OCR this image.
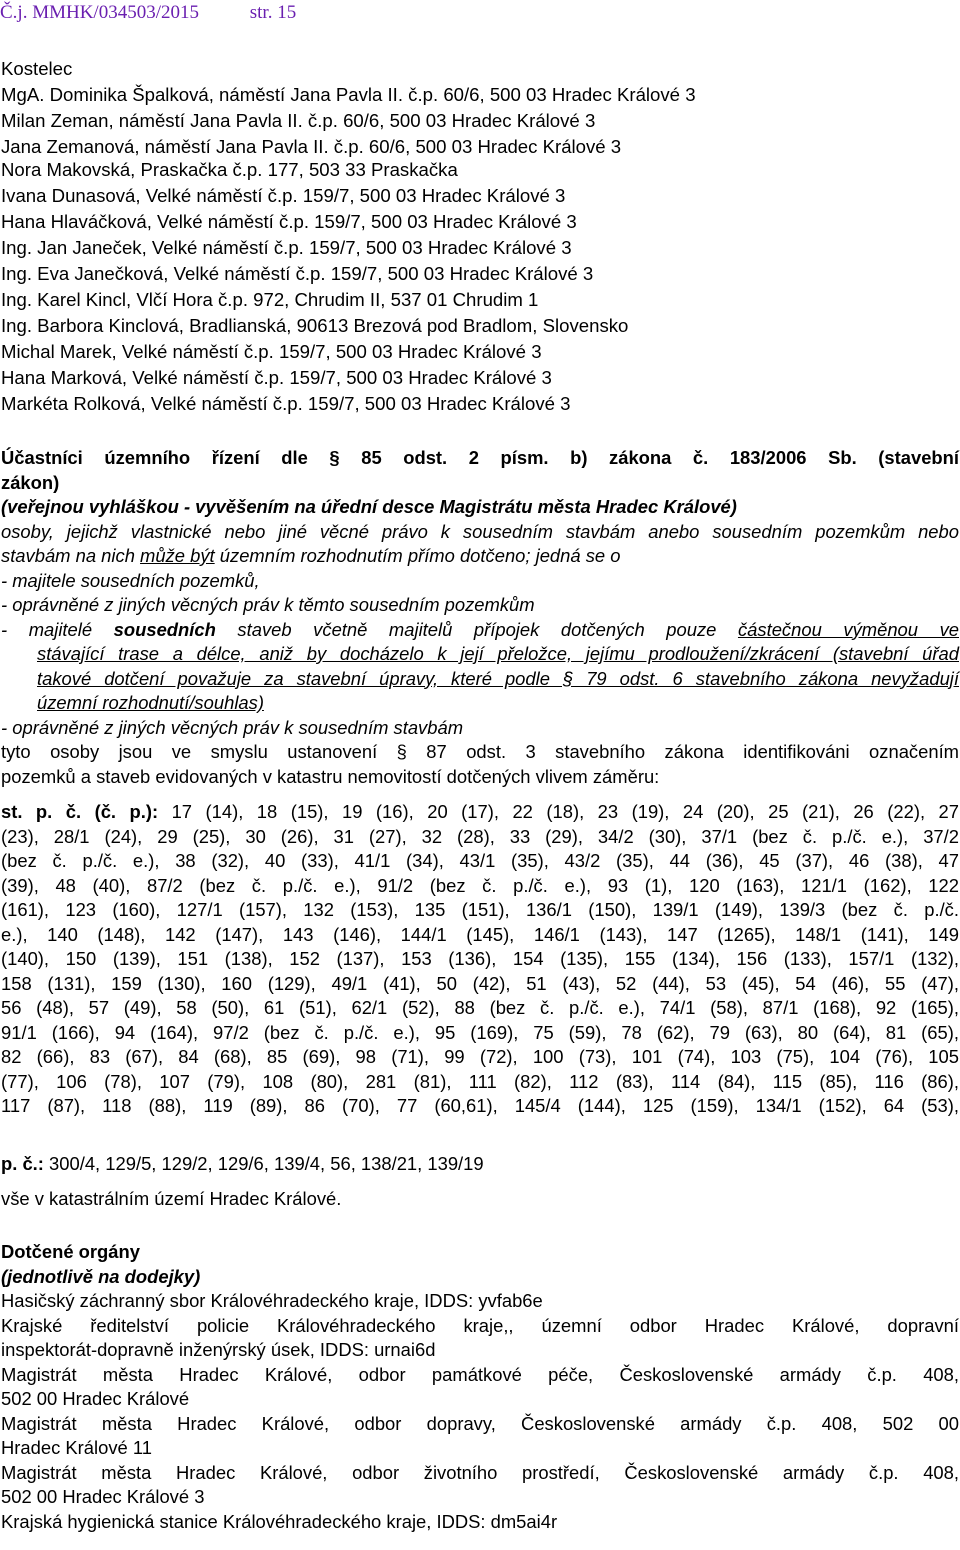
Č.j. MMHK/034503/2015	str. 15
Kostelec
MgA. Dominika Špalková, náměstí Jana Pavla II. č.p. 60/6, 500 03 Hradec Králové 3
Milan Zeman, náměstí Jana Pavla II. č.p. 60/6, 500 03 Hradec Králové 3
Jana Zemanová, náměstí Jana Pavla II. č.p. 60/6, 500 03 Hradec Králové 3
Nora Makovská, Praskačka č.p. 177, 503 33 Praskačka
Ivana Dunasová, Velké náměstí č.p. 159/7, 500 03 Hradec Králové 3
Hana Hlaváčková, Velké náměstí č.p. 159/7, 500 03 Hradec Králové 3
Ing. Jan Janeček, Velké náměstí č.p. 159/7, 500 03 Hradec Králové 3
Ing. Eva Janečková, Velké náměstí č.p. 159/7, 500 03 Hradec Králové 3
Ing. Karel Kincl, Vlčí Hora č.p. 972, Chrudim II, 537 01 Chrudim 1
Ing. Barbora Kinclová, Bradlianská, 90613 Brezová pod Bradlom, Slovensko
Michal Marek, Velké náměstí č.p. 159/7, 500 03 Hradec Králové 3
Hana Marková, Velké náměstí č.p. 159/7, 500 03 Hradec Králové 3
Markéta Rolková, Velké náměstí č.p. 159/7, 500 03 Hradec Králové 3
Účastníci územního řízení dle § 85 odst. 2 písm. b) zákona č. 183/2006 Sb. (stavební
zákon)
(veřejnou vyhláškou - vyvěšením na úřední desce Magistrátu města Hradec Králové)
osoby, jejichž vlastnické nebo jiné věcné právo k sousedním stavbám anebo sousedním pozemkům nebo
stavbám na nich může být územním rozhodnutím přímo dotčeno; jedná se o
- majitele sousedních pozemků,
- oprávněné z jiných věcných práv k těmto sousedním pozemkům
- majitelé sousedních staveb včetně majitelů přípojek dotčených pouze částečnou výměnou ve
stávající trase a délce, aniž by docházelo k její přeložce, jejímu prodloužení/zkrácení (stavební úřad
takové dotčení považuje za stavební úpravy, které podle § 79 odst. 6 stavebního zákona nevyžadují
územní rozhodnutí/souhlas)
- oprávněné z jiných věcných práv k sousedním stavbám
tyto osoby jsou ve smyslu ustanovení § 87 odst. 3 stavebního zákona identifikováni označením
pozemků a staveb evidovaných v katastru nemovitostí dotčených vlivem záměru:
st. p. č. (č. p.): 17 (14), 18 (15), 19 (16), 20 (17), 22 (18), 23 (19), 24 (20), 25 (21), 26 (22), 27
(23), 28/1 (24), 29 (25), 30 (26), 31 (27), 32 (28), 33 (29), 34/2 (30), 37/1 (bez č. p./č. e.), 37/2
(bez č. p./č. e.), 38 (32), 40 (33), 41/1 (34), 43/1 (35), 43/2 (35), 44 (36), 45 (37), 46 (38), 47
(39), 48 (40), 87/2 (bez č. p./č. e.), 91/2 (bez č. p./č. e.), 93 (1), 120 (163), 121/1 (162), 122
(161), 123 (160), 127/1 (157), 132 (153), 135 (151), 136/1 (150), 139/1 (149), 139/3 (bez č. p./č.
e.), 140 (148), 142 (147), 143 (146), 144/1 (145), 146/1 (143), 147 (1265), 148/1 (141), 149
(140), 150 (139), 151 (138), 152 (137), 153 (136), 154 (135), 155 (134), 156 (133), 157/1 (132),
158 (131), 159 (130), 160 (129), 49/1 (41), 50 (42), 51 (43), 52 (44), 53 (45), 54 (46), 55 (47),
56 (48), 57 (49), 58 (50), 61 (51), 62/1 (52), 88 (bez č. p./č. e.), 74/1 (58), 87/1 (168), 92 (165),
91/1 (166), 94 (164), 97/2 (bez č. p./č. e.), 95 (169), 75 (59), 78 (62), 79 (63), 80 (64), 81 (65),
82 (66), 83 (67), 84 (68), 85 (69), 98 (71), 99 (72), 100 (73), 101 (74), 103 (75), 104 (76), 105
(77), 106 (78), 107 (79), 108 (80), 281 (81), 111 (82), 112 (83), 114 (84), 115 (85), 116 (86),
117 (87), 118 (88), 119 (89), 86 (70), 77 (60,61), 145/4 (144), 125 (159), 134/1 (152), 64 (53),
p. č.: 300/4, 129/5, 129/2, 129/6, 139/4, 56, 138/21, 139/19
vše v katastrálním území Hradec Králové.
Dotčené orgány
(jednotlivě na dodejky)
Hasičský záchranný sbor Královéhradeckého kraje, IDDS: yvfab6e
Krajské ředitelství policie Královéhradeckého kraje,, územní odbor Hradec Králové, dopravní
inspektorát-dopravně inženýrský úsek, IDDS: urnai6d
Magistrát města Hradec Králové, odbor památkové péče, Československé armády č.p. 408,
502 00 Hradec Králové
Magistrát města Hradec Králové, odbor dopravy, Československé armády č.p. 408, 502 00
Hradec Králové 11
Magistrát města Hradec Králové, odbor životního prostředí, Československé armády č.p. 408,
502 00 Hradec Králové 3
Krajská hygienická stanice Královéhradeckého kraje, IDDS: dm5ai4r
